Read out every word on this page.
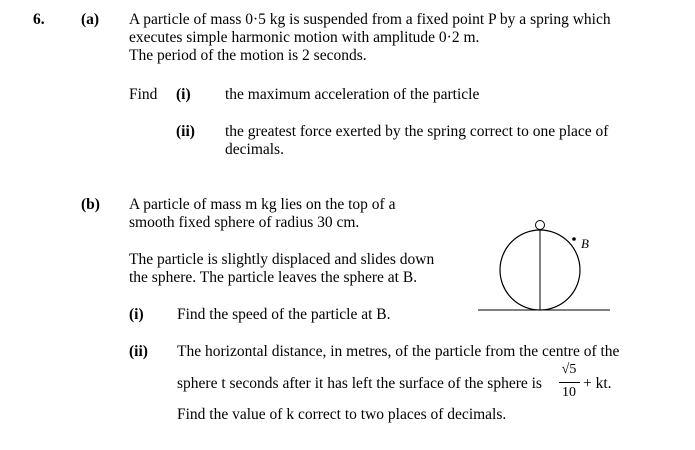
6. (a) A particle of mass 0·5 kg is suspended from a fixed point P by a spring which
executes simple harmonic motion with amplitude 0·2 m.
The period of the motion is 2 seconds.
Find (i) the maximum acceleration of the particle
(ii) the greatest force exerted by the spring correct to one place of
decimals.
(b) A particle of mass m kg lies on the top of a
smooth fixed sphere of radius 30 cm.
The particle is slightly displaced and slides down
the sphere. The particle leaves the sphere at B.
B
(i) Find the speed of the particle at B.
(ii) The horizontal distance, in metres, of the particle from the centre of the
sphere t seconds after it has left the surface of the sphere is
√5
10
+ kt.
Find the value of k correct to two places of decimals.
